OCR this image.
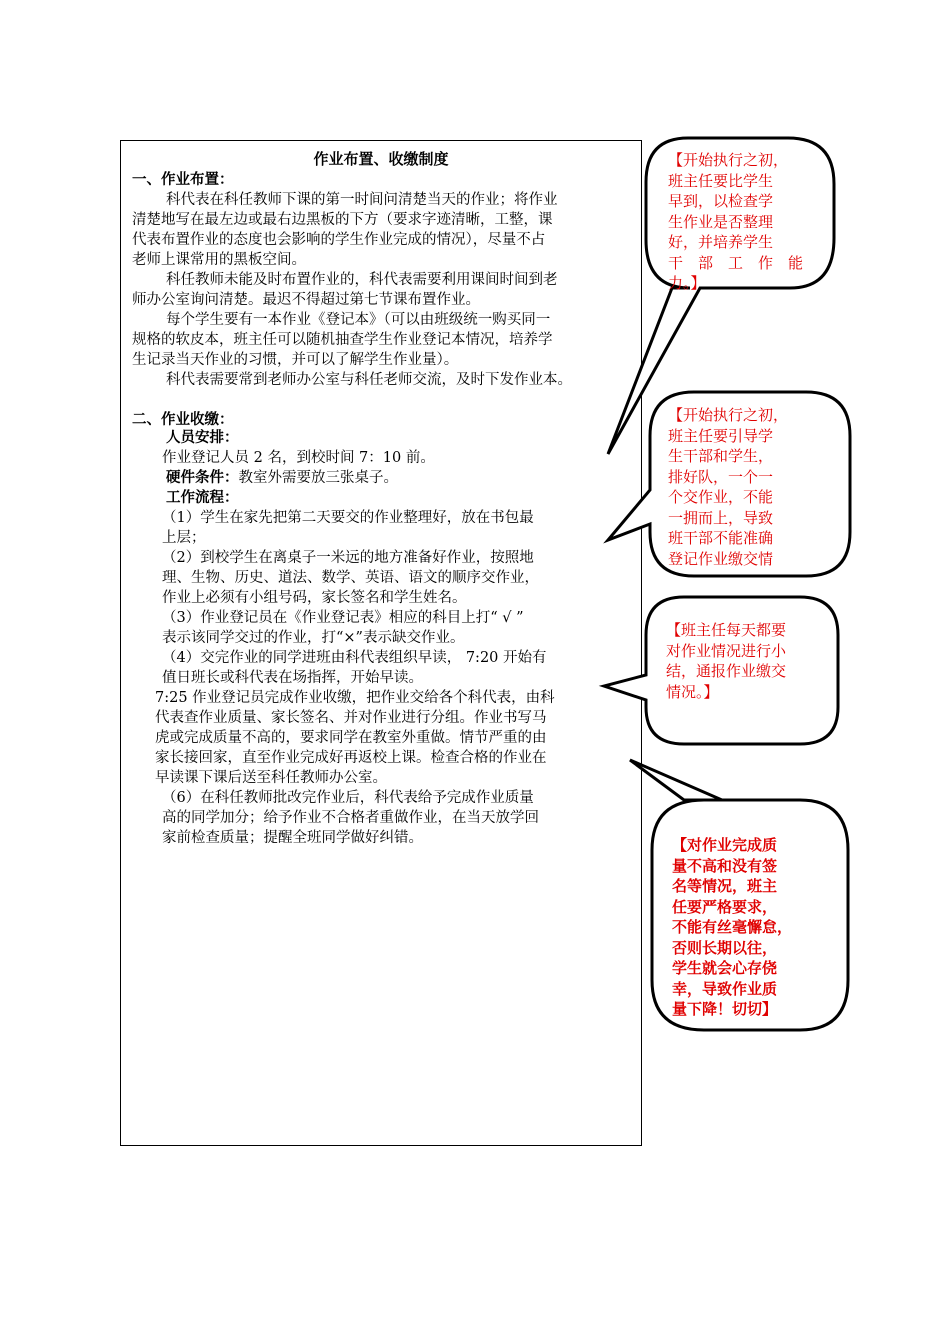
作业布置、收缴制度
一、作业布置：
科代表在科任教师下课的第一时间问清楚当天的作业；将作业
清楚地写在最左边或最右边黑板的下方（要求字迹清晰，工整，课
代表布置作业的态度也会影响的学生作业完成的情况），尽量不占
老师上课常用的黑板空间。
科任教师未能及时布置作业的，科代表需要利用课间时间到老
师办公室询问清楚。最迟不得超过第七节课布置作业。
每个学生要有一本作业《登记本》（可以由班级统一购买同一
规格的软皮本，班主任可以随机抽查学生作业登记本情况，培养学
生记录当天作业的习惯，并可以了解学生作业量）。
科代表需要常到老师办公室与科任老师交流，及时下发作业本。
二、作业收缴：
人员安排：
作业登记人员 2 名，到校时间 7：10 前。
硬件条件：教室外需要放三张桌子。
工作流程：
（1）学生在家先把第二天要交的作业整理好，放在书包最
上层；
（2）到校学生在离桌子一米远的地方准备好作业，按照地
理、生物、历史、道法、数学、英语、语文的顺序交作业，
作业上必须有小组号码，家长签名和学生姓名。
（3）作业登记员在《作业登记表》相应的科目上打“ √ ”
表示该同学交过的作业，打“×”表示缺交作业。
（4）交完作业的同学进班由科代表组织早读， 7:20 开始有
值日班长或科代表在场指挥，开始早读。
7:25 作业登记员完成作业收缴，把作业交给各个科代表，由科
代表查作业质量、家长签名、并对作业进行分组。作业书写马
虎或完成质量不高的，要求同学在教室外重做。情节严重的由
家长接回家，直至作业完成好再返校上课。检查合格的作业在
早读课下课后送至科任教师办公室。
（6）在科任教师批改完作业后，科代表给予完成作业质量
高的同学加分；给予作业不合格者重做作业，在当天放学回
家前检查质量；提醒全班同学做好纠错。
【开始执行之初，
班主任要比学生
早到，以检查学
生作业是否整理
好，并培养学生
干　部　工　作　能
力。】
【开始执行之初，
班主任要引导学
生干部和学生，
排好队，一个一
个交作业，不能
一拥而上，导致
班干部不能准确
登记作业缴交情
【班主任每天都要
对作业情况进行小
结，通报作业缴交
情况。】
【对作业完成质
量不高和没有签
名等情况，班主
任要严格要求，
不能有丝毫懈怠，
否则长期以往，
学生就会心存侥
幸，导致作业质
量下降！切切】
